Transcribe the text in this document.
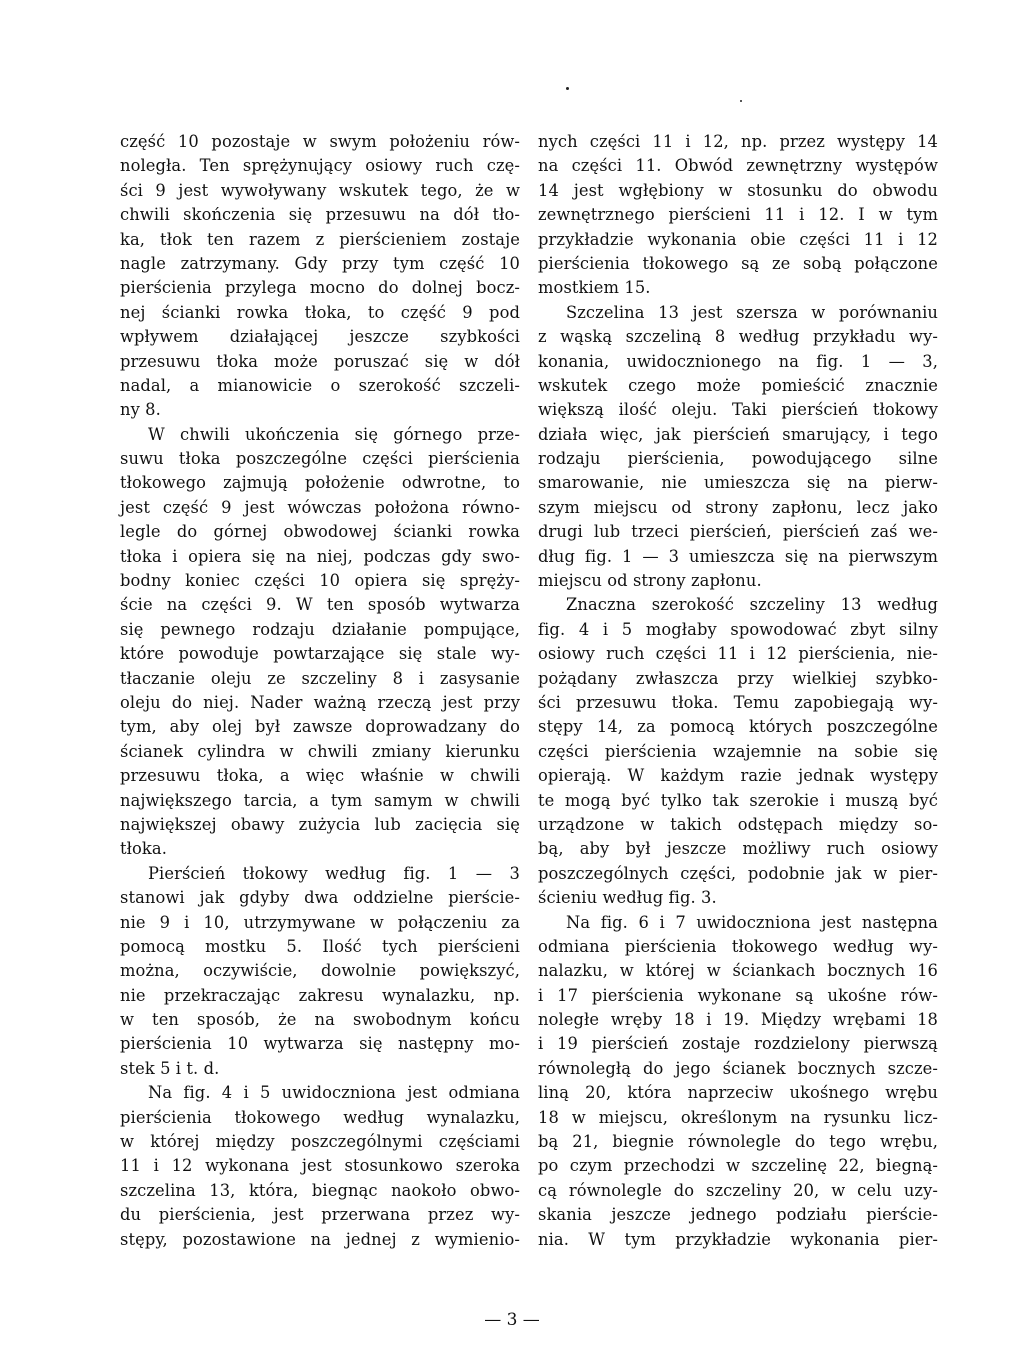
część 10 pozostaje w swym położeniu rów-
noległa. Ten sprężynujący osiowy ruch czę-
ści 9 jest wywoływany wskutek tego, że w
chwili skończenia się przesuwu na dół tło-
ka, tłok ten razem z pierścieniem zostaje
nagle zatrzymany. Gdy przy tym część 10
pierścienia przylega mocno do dolnej bocz-
nej ścianki rowka tłoka, to część 9 pod
wpływem działającej jeszcze szybkości
przesuwu tłoka może poruszać się w dół
nadal, a mianowicie o szerokość szczeli-
ny 8.
W chwili ukończenia się górnego prze-
suwu tłoka poszczególne części pierścienia
tłokowego zajmują położenie odwrotne, to
jest część 9 jest wówczas położona równo-
legle do górnej obwodowej ścianki rowka
tłoka i opiera się na niej, podczas gdy swo-
bodny koniec części 10 opiera się spręży-
ście na części 9. W ten sposób wytwarza
się pewnego rodzaju działanie pompujące,
które powoduje powtarzające się stale wy-
tłaczanie oleju ze szczeliny 8 i zasysanie
oleju do niej. Nader ważną rzeczą jest przy
tym, aby olej był zawsze doprowadzany do
ścianek cylindra w chwili zmiany kierunku
przesuwu tłoka, a więc właśnie w chwili
największego tarcia, a tym samym w chwili
największej obawy zużycia lub zacięcia się
tłoka.
Pierścień tłokowy według fig. 1 — 3
stanowi jak gdyby dwa oddzielne pierście-
nie 9 i 10, utrzymywane w połączeniu za
pomocą mostku 5. Ilość tych pierścieni
można, oczywiście, dowolnie powiększyć,
nie przekraczając zakresu wynalazku, np.
w ten sposób, że na swobodnym końcu
pierścienia 10 wytwarza się następny mo-
stek 5 i t. d.
Na fig. 4 i 5 uwidoczniona jest odmiana
pierścienia tłokowego według wynalazku,
w której między poszczególnymi częściami
11 i 12 wykonana jest stosunkowo szeroka
szczelina 13, która, biegnąc naokoło obwo-
du pierścienia, jest przerwana przez wy-
stępy, pozostawione na jednej z wymienio-
nych części 11 i 12, np. przez występy 14
na części 11. Obwód zewnętrzny występów
14 jest wgłębiony w stosunku do obwodu
zewnętrznego pierścieni 11 i 12. I w tym
przykładzie wykonania obie części 11 i 12
pierścienia tłokowego są ze sobą połączone
mostkiem 15.
Szczelina 13 jest szersza w porównaniu
z wąską szczeliną 8 według przykładu wy-
konania, uwidocznionego na fig. 1 — 3,
wskutek czego może pomieścić znacznie
większą ilość oleju. Taki pierścień tłokowy
działa więc, jak pierścień smarujący, i tego
rodzaju pierścienia, powodującego silne
smarowanie, nie umieszcza się na pierw-
szym miejscu od strony zapłonu, lecz jako
drugi lub trzeci pierścień, pierścień zaś we-
dług fig. 1 — 3 umieszcza się na pierwszym
miejscu od strony zapłonu.
Znaczna szerokość szczeliny 13 według
fig. 4 i 5 mogłaby spowodować zbyt silny
osiowy ruch części 11 i 12 pierścienia, nie-
pożądany zwłaszcza przy wielkiej szybko-
ści przesuwu tłoka. Temu zapobiegają wy-
stępy 14, za pomocą których poszczególne
części pierścienia wzajemnie na sobie się
opierają. W każdym razie jednak występy
te mogą być tylko tak szerokie i muszą być
urządzone w takich odstępach między so-
bą, aby był jeszcze możliwy ruch osiowy
poszczególnych części, podobnie jak w pier-
ścieniu według fig. 3.
Na fig. 6 i 7 uwidoczniona jest następna
odmiana pierścienia tłokowego według wy-
nalazku, w której w ściankach bocznych 16
i 17 pierścienia wykonane są ukośne rów-
noległe wręby 18 i 19. Między wrębami 18
i 19 pierścień zostaje rozdzielony pierwszą
równoległą do jego ścianek bocznych szcze-
liną 20, która naprzeciw ukośnego wrębu
18 w miejscu, określonym na rysunku licz-
bą 21, biegnie równolegle do tego wrębu,
po czym przechodzi w szczelinę 22, biegną-
cą równolegle do szczeliny 20, w celu uzy-
skania jeszcze jednego podziału pierście-
nia. W tym przykładzie wykonania pier-
— 3 —
